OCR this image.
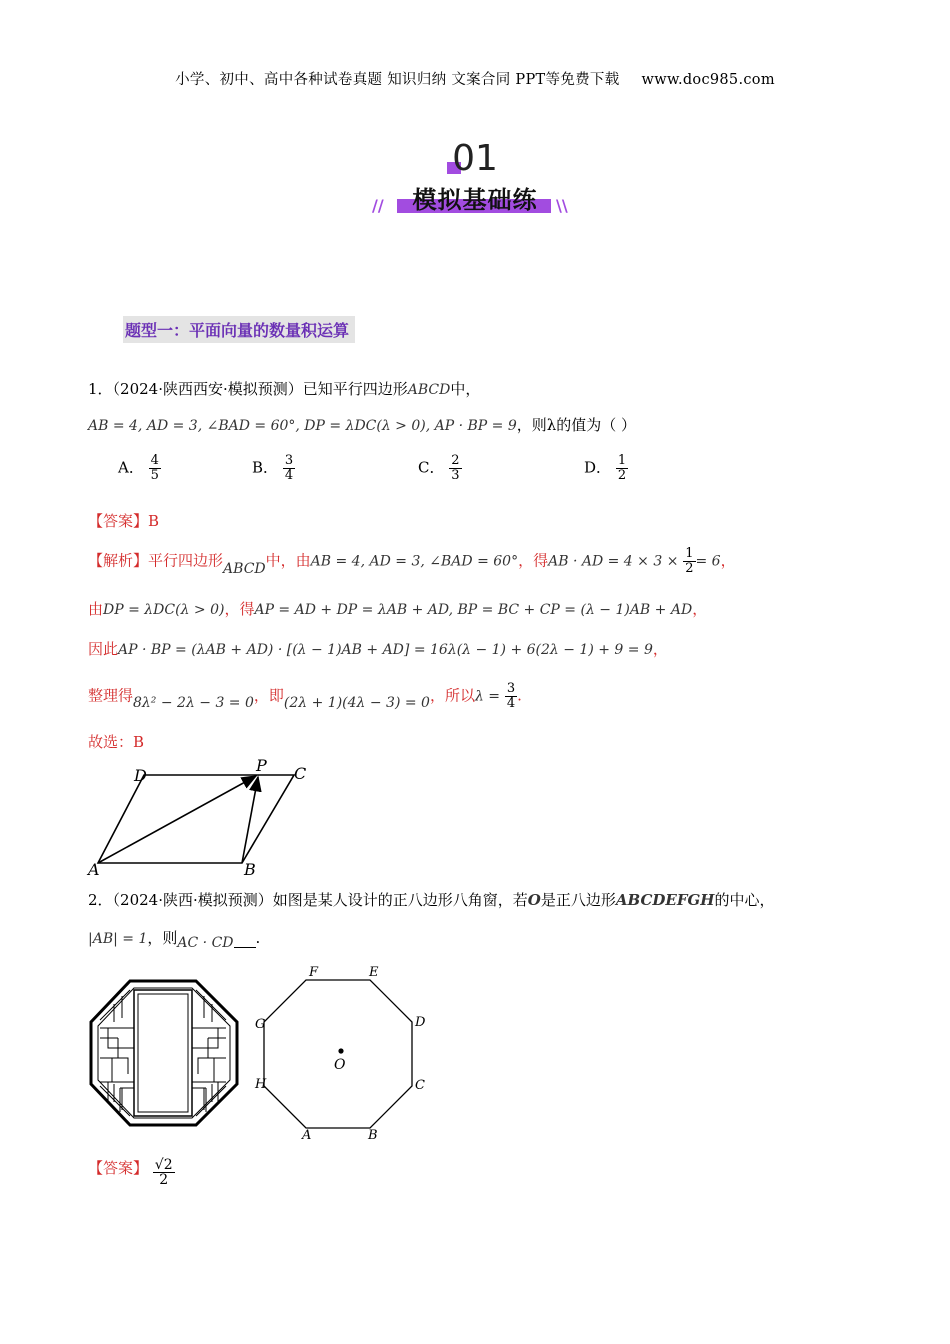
小学、初中、高中各种试卷真题 知识归纳 文案合同 PPT等免费下载 www.doc985.com
01
模拟基础练
//	\\
题型一：平面向量的数量积运算
1．（2024·陕西西安·模拟预测）已知平行四边形ABCD中，
AB = 4, AD = 3, ∠BAD = 60°, DP = λDC(λ > 0), AP · BP = 9，则λ的值为（ ）
A． $\frac{4}{5}$	B． $\frac{3}{4}$	C． $\frac{2}{3}$	D． $\frac{1}{2}$
【答案】B
【解析】平行四边形ABCD中，由AB = 4, AD = 3, ∠BAD = 60°，得AB · AD = $4 \times 3 \times \frac{1}{2} = 6$，
由DP = λDC(λ > 0)，得AP = AD + DP = λAB + AD, BP = BC + CP = (λ − 1)AB + AD，
因此AP · BP = (λAB + AD) · [(λ − 1)AB + AD] = 16λ(λ − 1) + 6(2λ − 1) + 9 = 9，
整理得8λ² − 2λ − 3 = 0，即(2λ + 1)(4λ − 3) = 0，所以$\lambda = \frac{3}{4}$ .
故选：B
A	B
C
D
P
2．（2024·陕西·模拟预测）如图是某人设计的正八边形八角窗，若O是正八边形ABCDEFGH的中心，
|AB| = 1，则AC · CD .
O
A	B
C
D
E
F
G
H
【答案】 $\frac{√2}{2}$
